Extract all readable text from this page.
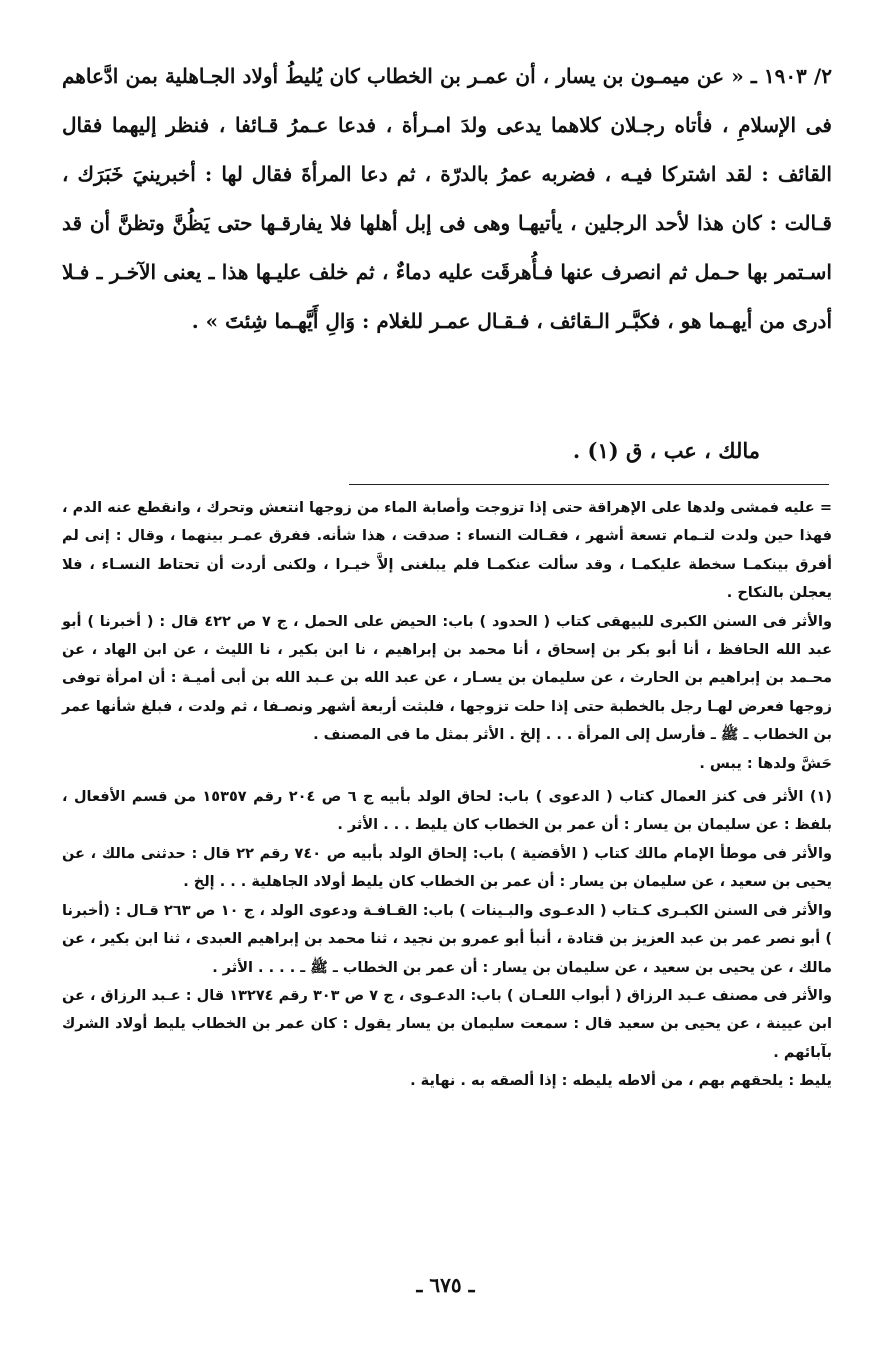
٢/ ١٩٠٣ ـ « عن ميمـون بن يسار ، أن عمـر بن الخطاب كان يُليطُ أولاد الجـاهلية بمن ادَّعاهم فى الإسلامِ ، فأتاه رجـلان كلاهما يدعى ولدَ امـرأة ، فدعا عـمرُ قـائفا ، فنظر إليهما فقال القائف : لقد اشتركا فيـه ، فضربه عمرُ بالدرّة ، ثم دعا المرأةَ فقال لها : أخبرينيَ خَبَرَك ، قـالت : كان هذا لأحد الرجلين ، يأتيهـا وهى فى إبل أهلها فلا يفارقـها حتى يَظُنَّ وتظنَّ أن قد اسـتمر بها حـمل ثم انصرف عنها فـأُهرقَت عليه دماءٌ ، ثم خلف عليـها هذا ـ يعنى الآخـر ـ فـلا أدرى من أيهـما هو ، فكبَّـر الـقائف ، فـقـال عمـر للغلام : وَالِ أَيَّهـما شِئتَ » .

مالك ، عب ، ق (١) .

= عليه فمشى ولدها على الإهراقة حتى إذا تزوجت وأصابة الماء من زوجها انتعش وتحرك ، وانقطع عنه الدم ، فهذا حين ولدت لتـمام تسعة أشهر ، فقـالت النساء : صدقت ، هذا شأنه. ففرق عمـر بينهما ، وقال : إنى لم أفرق بينكمـا سخطة عليكمـا ، وقد سألت عنكمـا فلم يبلغنى إلاَّ خيـرا ، ولكنى أردت أن تحتاط النسـاء ، فلا يعجلن بالنكاح .

والأثر فى السنن الكبرى للبيهقى كتاب ( الحدود ) باب: الحيض على الحمل ، ج ٧ ص ٤٢٢ قال : ( أخبرنا ) أبو عبد الله الحافظ ، أنا أبو بكر بن إسحاق ، أنا محمد بن إبراهيم ، نا ابن بكير ، نا الليث ، عن ابن الهاد ، عن محـمد بن إبراهيم بن الحارث ، عن سليمان بن يسـار ، عن عبد الله بن عـبد الله بن أبى أميـة : أن امرأة توفى زوجها فعرض لهـا رجل بالخطبة حتى إذا حلت تزوجها ، فلبثت أربعة أشهر ونصـفا ، ثم ولدت ، فبلغ شأنها عمر بن الخطاب ـ ﷺ ـ فأرسل إلى المرأة . . . إلخ . الأثر بمثل ما فى المصنف .

حَشَّ ولدها : يبس .

(١) الأثر فى كنز العمال كتاب ( الدعوى ) باب: لحاق الولد بأبيه ج ٦ ص ٢٠٤ رقم ١٥٣٥٧ من قسم الأفعال ، بلفظ : عن سليمان بن يسار : أن عمر بن الخطاب كان يليط . . . الأثر .

والأثر فى موطأ الإمام مالك كتاب ( الأقضية ) باب: إلحاق الولد بأبيه ص ٧٤٠ رقم ٢٢ قال : حدثنى مالك ، عن يحيى بن سعيد ، عن سليمان بن يسار : أن عمر بن الخطاب كان يليط أولاد الجاهلية . . . إلخ .

والأثر فى السنن الكبـرى كـتاب ( الدعـوى والبـينات ) باب: القـافـة ودعوى الولد ، ج ١٠ ص ٢٦٣ قـال : (أخبرنا ) أبو نصر عمر بن عبد العزيز بن قتادة ، أنبأ أبو عمرو بن نجيد ، ثنا محمد بن إبراهيم العبدى ، ثنا ابن بكير ، عن مالك ، عن يحيى بن سعيد ، عن سليمان بن يسار : أن عمر بن الخطاب ـ ﷺ ـ . . . . الأثر .

والأثر فى مصنف عـبد الرزاق ( أبواب اللعـان ) باب: الدعـوى ، ج ٧ ص ٣٠٣ رقم ١٣٢٧٤ قال : عـبد الرزاق ، عن ابن عيينة ، عن يحيى بن سعيد قال : سمعت سليمان بن يسار يقول : كان عمر بن الخطاب يليط أولاد الشرك بآبائهم .

يليط : يلحقهم بهم ، من ألاطه يليطه : إذا ألصقه به . نهاية .

ـ ٦٧٥ ـ
